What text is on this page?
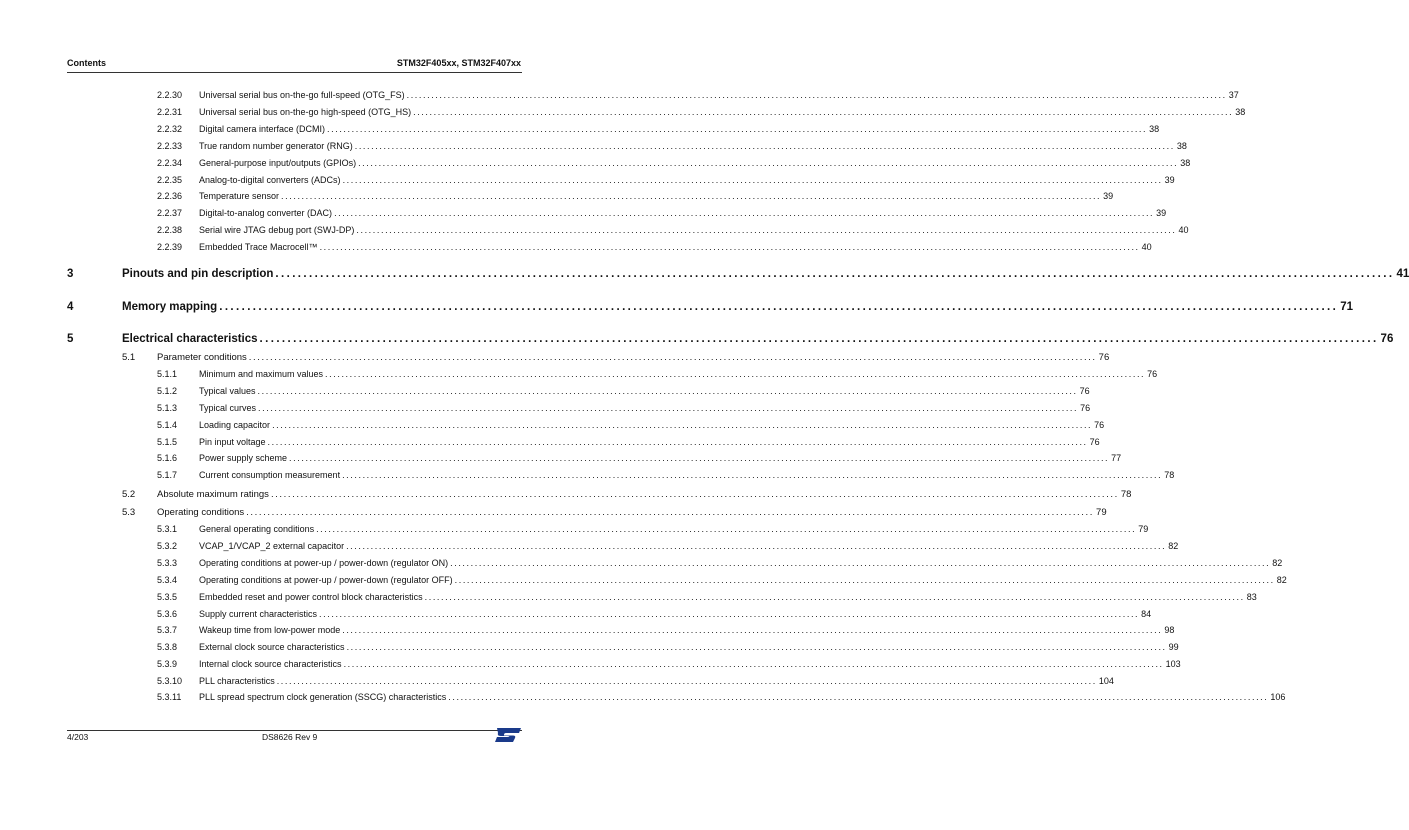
Contents	STM32F405xx, STM32F407xx
2.2.30 Universal serial bus on-the-go full-speed (OTG_FS) ........................................................................................................................................................................................................ 37
2.2.31 Universal serial bus on-the-go high-speed (OTG_HS) ........................................................................................................................................................................................................ 38
2.2.32 Digital camera interface (DCMI) ........................................................................................................................................................................................................ 38
2.2.33 True random number generator (RNG) ........................................................................................................................................................................................................ 38
2.2.34 General-purpose input/outputs (GPIOs) ........................................................................................................................................................................................................ 38
2.2.35 Analog-to-digital converters (ADCs) ........................................................................................................................................................................................................ 39
2.2.36 Temperature sensor ........................................................................................................................................................................................................ 39
2.2.37 Digital-to-analog converter (DAC) ........................................................................................................................................................................................................ 39
2.2.38 Serial wire JTAG debug port (SWJ-DP) ........................................................................................................................................................................................................ 40
2.2.39 Embedded Trace Macrocell™ ........................................................................................................................................................................................................ 40
3	Pinouts and pin description ........................................................................................................................................................................................................ 41
4	Memory mapping ........................................................................................................................................................................................................ 71
5	Electrical characteristics ........................................................................................................................................................................................................ 76
5.1 Parameter conditions ........................................................................................................................................................................................................ 76
5.1.1 Minimum and maximum values ........................................................................................................................................................................................................ 76
5.1.2 Typical values ........................................................................................................................................................................................................ 76
5.1.3 Typical curves ........................................................................................................................................................................................................ 76
5.1.4 Loading capacitor ........................................................................................................................................................................................................ 76
5.1.5 Pin input voltage ........................................................................................................................................................................................................ 76
5.1.6 Power supply scheme ........................................................................................................................................................................................................ 77
5.1.7 Current consumption measurement ........................................................................................................................................................................................................ 78
5.2 Absolute maximum ratings ........................................................................................................................................................................................................ 78
5.3 Operating conditions ........................................................................................................................................................................................................ 79
5.3.1 General operating conditions ........................................................................................................................................................................................................ 79
5.3.2 VCAP_1/VCAP_2 external capacitor ........................................................................................................................................................................................................ 82
5.3.3 Operating conditions at power-up / power-down (regulator ON) ........................................................................................................................................................................................................ 82
5.3.4 Operating conditions at power-up / power-down (regulator OFF) ........................................................................................................................................................................................................ 82
5.3.5 Embedded reset and power control block characteristics ........................................................................................................................................................................................................ 83
5.3.6 Supply current characteristics ........................................................................................................................................................................................................ 84
5.3.7 Wakeup time from low-power mode ........................................................................................................................................................................................................ 98
5.3.8 External clock source characteristics ........................................................................................................................................................................................................ 99
5.3.9 Internal clock source characteristics ........................................................................................................................................................................................................ 103
5.3.10 PLL characteristics ........................................................................................................................................................................................................ 104
5.3.11 PLL spread spectrum clock generation (SSCG) characteristics ........................................................................................................................................................................................................ 106
4/203	DS8626 Rev 9
